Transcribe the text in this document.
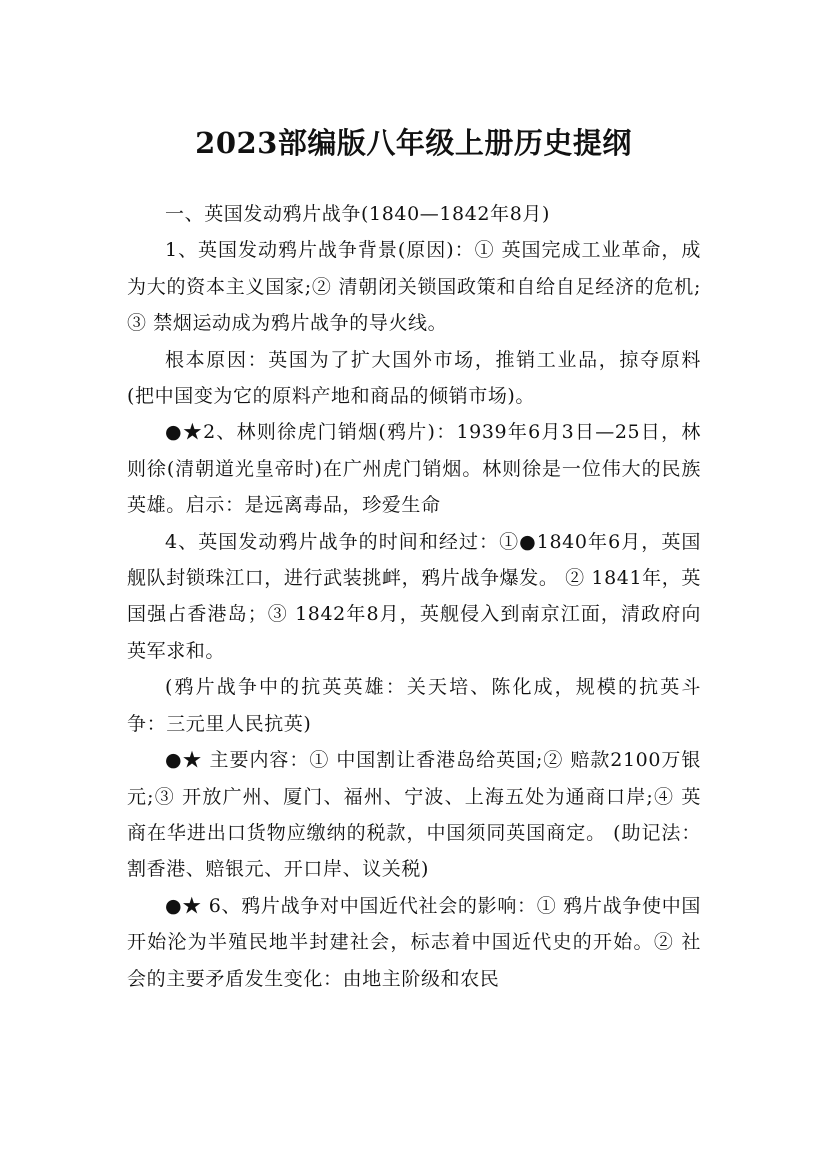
2023部编版八年级上册历史提纲

一、英国发动鸦片战争(1840—1842年8月)

1、英国发动鸦片战争背景(原因)：① 英国完成工业革命，成为大的资本主义国家;② 清朝闭关锁国政策和自给自足经济的危机; ③ 禁烟运动成为鸦片战争的导火线。

根本原因：英国为了扩大国外市场，推销工业品，掠夺原料(把中国变为它的原料产地和商品的倾销市场)。

●★2、林则徐虎门销烟(鸦片)：1939年6月3日—25日，林则徐(清朝道光皇帝时)在广州虎门销烟。林则徐是一位伟大的民族英雄。启示：是远离毒品，珍爱生命

4、英国发动鸦片战争的时间和经过：①●1840年6月，英国舰队封锁珠江口，进行武装挑衅，鸦片战争爆发。 ② 1841年，英国强占香港岛；③ 1842年8月，英舰侵入到南京江面，清政府向英军求和。

(鸦片战争中的抗英英雄：关天培、陈化成，规模的抗英斗争：三元里人民抗英)

●★ 主要内容：① 中国割让香港岛给英国;② 赔款2100万银元;③ 开放广州、厦门、福州、宁波、上海五处为通商口岸;④ 英商在华进出口货物应缴纳的税款，中国须同英国商定。 (助记法： 割香港、赔银元、开口岸、议关税)

●★ 6、鸦片战争对中国近代社会的影响：① 鸦片战争使中国开始沦为半殖民地半封建社会，标志着中国近代史的开始。② 社会的主要矛盾发生变化：由地主阶级和农民
